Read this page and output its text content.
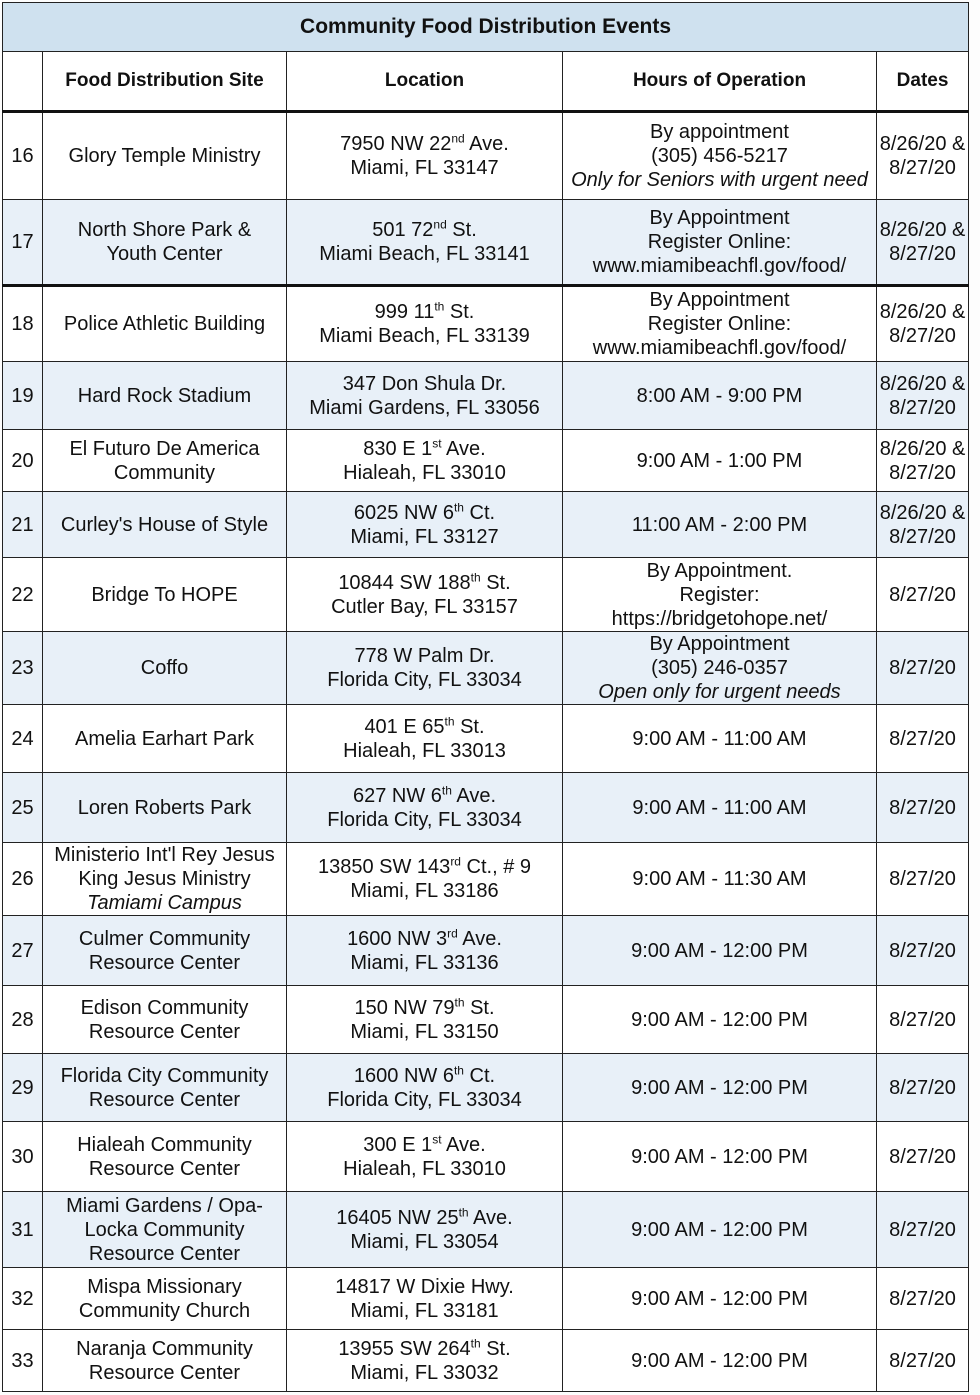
Community Food Distribution Events				
	Food Distribution Site	Location	Hours of Operation	Dates
16	Glory Temple Ministry	7950 NW 22nd Ave.
Miami, FL 33147	By appointment
(305) 456-5217
Only for Seniors with urgent need	8/26/20 &
8/27/20

17	North Shore Park &
Youth Center	501 72nd St.
Miami Beach, FL 33141	By Appointment
Register Online:
www.miamibeachfl.gov/food/	8/26/20 &
8/27/20

18	Police Athletic Building	999 11th St.
Miami Beach, FL 33139	By Appointment
Register Online:
www.miamibeachfl.gov/food/	8/26/20 &
8/27/20

19	Hard Rock Stadium	347 Don Shula Dr.
Miami Gardens, FL 33056	8:00 AM - 9:00 PM	8/26/20 &
8/27/20

20	El Futuro De America
Community	830 E 1st Ave.
Hialeah, FL 33010	9:00 AM - 1:00 PM	8/26/20 &
8/27/20

21	Curley's House of Style	6025 NW 6th Ct.
Miami, FL 33127	11:00 AM - 2:00 PM	8/26/20 &
8/27/20

22	Bridge To HOPE	10844 SW 188th St.
Cutler Bay, FL 33157	By Appointment.
Register:
https://bridgetohope.net/	8/27/20

23	Coffo	778 W Palm Dr.
Florida City, FL 33034	By Appointment
(305) 246-0357
Open only for urgent needs	8/27/20

24	Amelia Earhart Park	401 E 65th St.
Hialeah, FL 33013	9:00 AM - 11:00 AM	8/27/20

25	Loren Roberts Park	627 NW 6th Ave.
Florida City, FL 33034	9:00 AM - 11:00 AM	8/27/20

26	Ministerio Int'l Rey Jesus
King Jesus Ministry
Tamiami Campus	13850 SW 143rd Ct., # 9
Miami, FL 33186	9:00 AM - 11:30 AM	8/27/20

27	Culmer Community
Resource Center	1600 NW 3rd Ave.
Miami, FL 33136	9:00 AM - 12:00 PM	8/27/20

28	Edison Community
Resource Center	150 NW 79th St.
Miami, FL 33150	9:00 AM - 12:00 PM	8/27/20

29	Florida City Community
Resource Center	1600 NW 6th Ct.
Florida City, FL 33034	9:00 AM - 12:00 PM	8/27/20

30	Hialeah Community
Resource Center	300 E 1st Ave.
Hialeah, FL 33010	9:00 AM - 12:00 PM	8/27/20

31	Miami Gardens / Opa-
Locka Community
Resource Center	16405 NW 25th Ave.
Miami, FL 33054	9:00 AM - 12:00 PM	8/27/20

32	Mispa Missionary
Community Church	14817 W Dixie Hwy.
Miami, FL 33181	9:00 AM - 12:00 PM	8/27/20

33	Naranja Community
Resource Center	13955 SW 264th St.
Miami, FL 33032	9:00 AM - 12:00 PM	8/27/20
